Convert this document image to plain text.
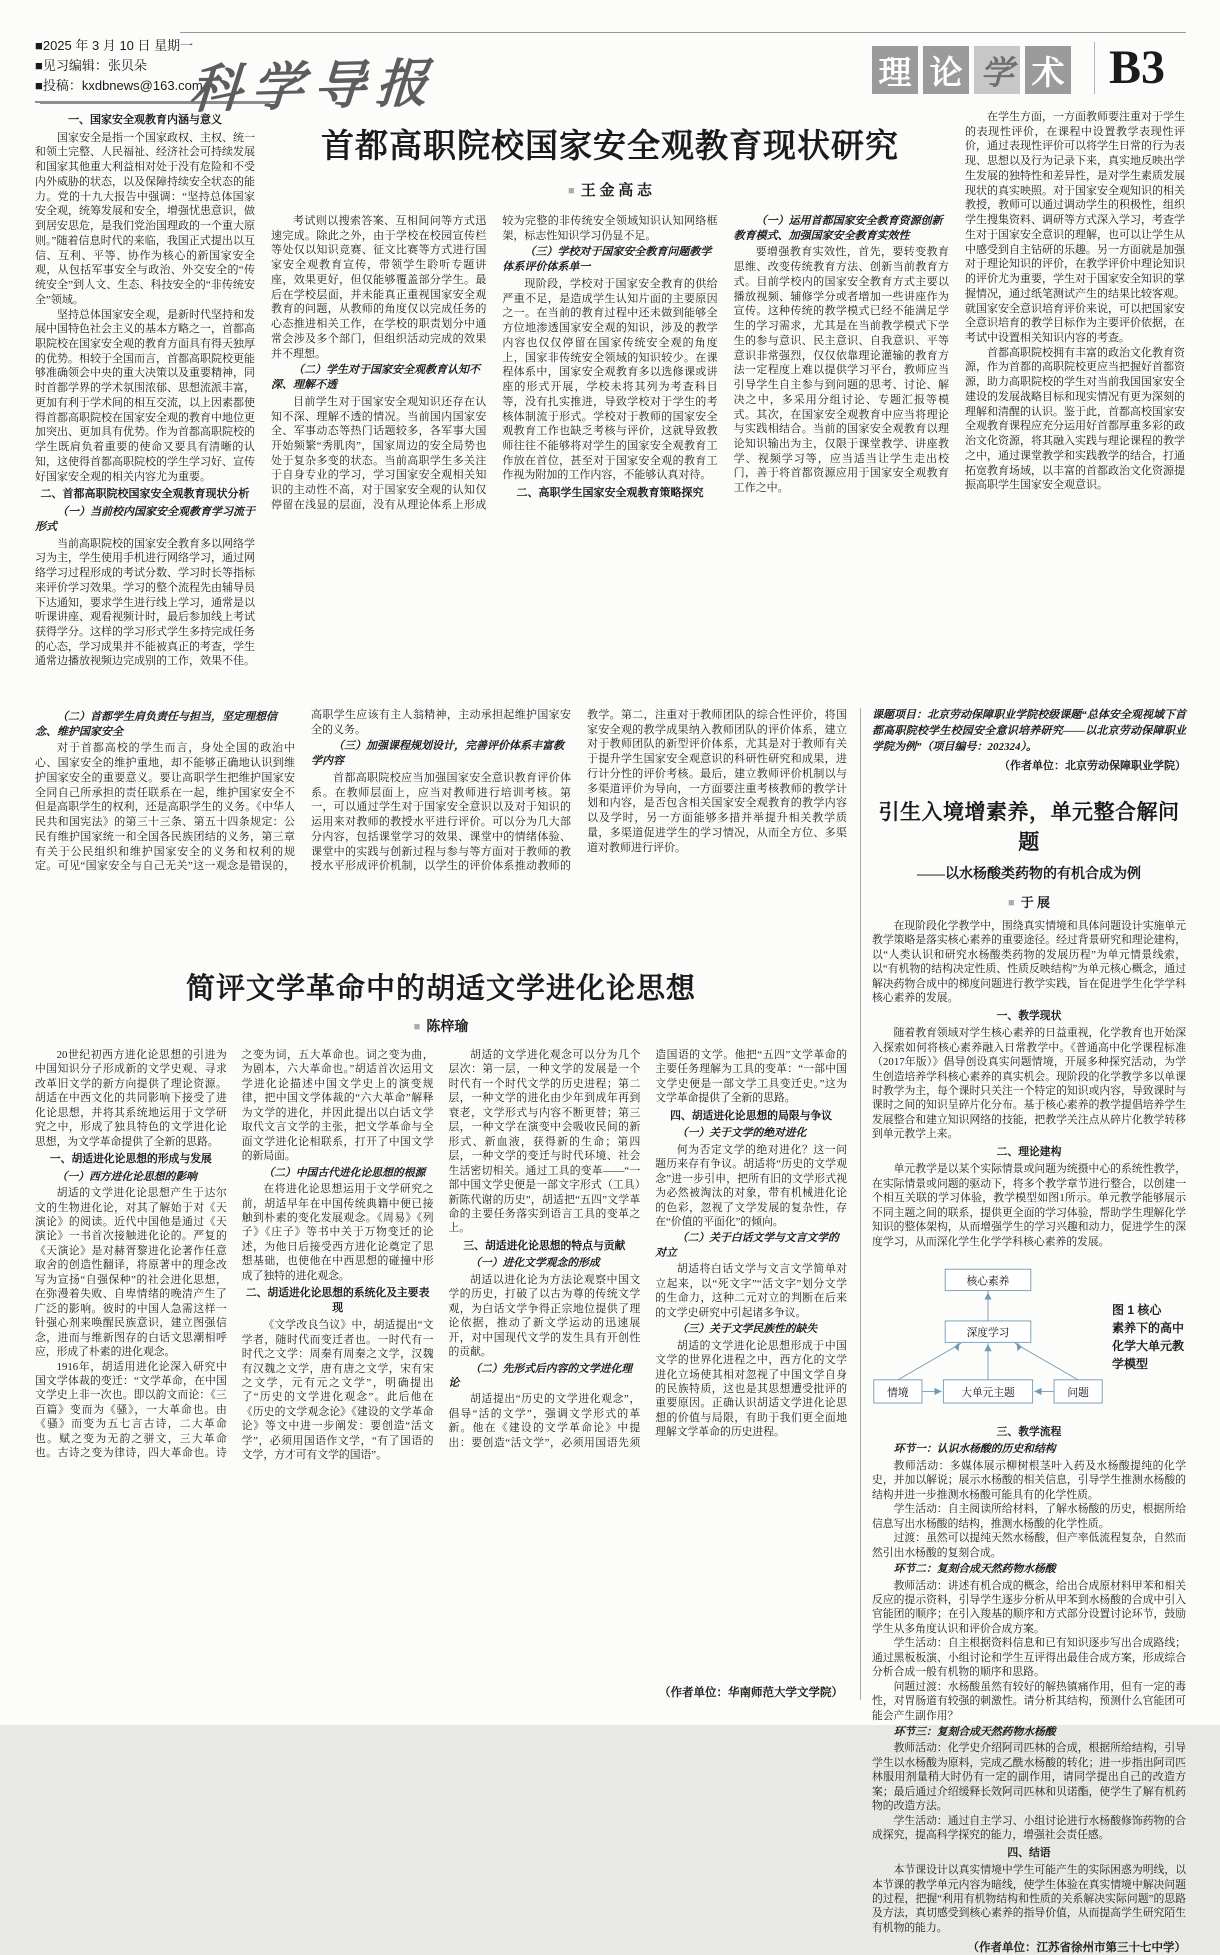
■2025 年 3 月 10 日 星期一
■见习编辑：张贝朵
■投稿：kxdbnews@163.com
科学导报	理 论 学 术 B3
一、国家安全观教育内涵与意义

国家安全是指一个国家政权、主权、统一和领土完整、人民福祉、经济社会可持续发展和国家其他重大利益相对处于没有危险和不受内外威胁的状态，以及保障持续安全状态的能力。党的十九大报告中强调：“坚持总体国家安全观，统筹发展和安全，增强忧患意识，做到居安思危，是我们党治国理政的一个重大原则。”随着信息时代的来临，我国正式提出以互信、互利、平等、协作为核心的新国家安全观，从包括军事安全与政治、外交安全的“传统安全”到人文、生态、科技安全的“非传统安全”领域。

坚持总体国家安全观，是新时代坚持和发展中国特色社会主义的基本方略之一，首都高职院校在国家安全观的教育方面具有得天独厚的优势。相较于全国而言，首都高职院校更能够准确领会中央的重大决策以及重要精神，同时首都学界的学术氛围浓郁、思想流派丰富，更加有利于学术间的相互交流，以上因素都使得首都高职院校在国家安全观的教育中地位更加突出、更加具有优势。作为首都高职院校的学生既肩负着重要的使命又要具有清晰的认知，这使得首都高职院校的学生学习好、宣传好国家安全观的相关内容尤为重要。

二、首都高职院校国家安全观教育现状分析
（一）当前校内国家安全观教育学习流于形式

当前高职院校的国家安全教育多以网络学习为主，学生使用手机进行网络学习，通过网络学习过程形成的考试分数、学习时长等指标来评价学习效果。学习的整个流程先由辅导员下达通知，要求学生进行线上学习，通常是以听课讲座、观看视频计时，最后参加线上考试获得学分。这样的学习形式学生多持完成任务的心态，学习成果并不能被真正的考查，学生通常边播放视频边完成别的工作，效果不佳。

首都高职院校国家安全观教育现状研究
■ 王 金 高 志

考试则以搜索答案、互相间问等方式迅速完成。除此之外，由于学校在校园宣传栏等处仅以知识竞赛、征文比赛等方式进行国家安全观教育宣传，带领学生聆听专题讲座，效果更好，但仅能够覆盖部分学生。最后在学校层面，并未能真正重视国家安全观教育的问题，从教师的角度仅以完成任务的心态推进相关工作，在学校的职责划分中通常会涉及多个部门，但组织活动完成的效果并不理想。

（二）学生对于国家安全观教育认知不深、理解不透

目前学生对于国家安全观知识还存在认知不深、理解不透的情况。当前国内国家安全、军事动态等热门话题较多，各军事大国开始频繁“秀肌肉”，国家周边的安全局势也处于复杂多变的状态。当前高职学生多关注于自身专业的学习，学习国家安全观相关知识的主动性不高，对于国家安全观的认知仅停留在浅显的层面，没有从理论体系上形成较为完整的非传统安全领域知识认知网络框架，标志性知识学习仍显不足。

（三）学校对于国家安全教育问题教学体系评价体系单一

现阶段，学校对于国家安全教育的供给严重不足，是造成学生认知片面的主要原因之一。在当前的教育过程中还未做到能够全方位地渗透国家安全观的知识，涉及的教学内容也仅仅停留在国家传统安全观的角度上，国家非传统安全领域的知识较少。在课程体系中，国家安全观教育多以选修课或讲座的形式开展，学校未将其列为考查科目等，没有扎实推进，导致学校对于学生的考核体制流于形式。学校对于教师的国家安全观教育工作也缺乏考核与评价，这就导致教师往往不能够将对学生的国家安全观教育工作放在首位，甚至对于国家安全观的教育工作视为附加的工作内容，不能够认真对待。

二、高职学生国家安全观教育策略探究
（一）运用首都国家安全教育资源创新教育模式、加强国家安全教育实效性

要增强教育实效性，首先，要转变教育思维、改变传统教育方法、创新当前教育方式。目前学校内的国家安全教育方式主要以播放视频、辅修学分或者增加一些讲座作为宣传。这种传统的教学模式已经不能满足学生的学习需求，尤其是在当前教学模式下学生的参与意识、民主意识、自我意识、平等意识非常强烈，仅仅依靠理论灌输的教育方法一定程度上难以提供学习平台，教师应当引导学生自主参与到问题的思考、讨论、解决之中，多采用分组讨论、专题汇报等模式。其次，在国家安全观教育中应当将理论与实践相结合。当前的国家安全观教育以理论知识输出为主，仅限于课堂教学、讲座教学、视频学习等，应当适当让学生走出校门，善于将首都资源应用于国家安全观教育工作之中。

在学生方面，一方面教师要注重对于学生的表现性评价，在课程中设置教学表现性评价，通过表现性评价可以将学生日常的行为表现、思想以及行为记录下来，真实地反映出学生发展的独特性和差异性，是对学生素质发展现状的真实映照。对于国家安全观知识的相关教授，教师可以通过调动学生的积极性，组织学生搜集资料、调研等方式深入学习，考查学生对于国家安全意识的理解，也可以让学生从中感受到自主钻研的乐趣。另一方面就是加强对于理论知识的评价，在教学评价中理论知识的评价尤为重要，学生对于国家安全知识的掌握情况，通过纸笔测试产生的结果比较客观。就国家安全意识培育评价来说，可以把国家安全意识培育的教学目标作为主要评价依据，在考试中设置相关知识内容的考查。

首都高职院校拥有丰富的政治文化教育资源，作为首都的高职院校更应当把握好首都资源，助力高职院校的学生对当前我国国家安全建设的发展战略目标和现实情况有更为深刻的理解和清醒的认识。鉴于此，首都高校国家安全观教育课程应充分运用好首都厚重多彩的政治文化资源，将其融入实践与理论课程的教学之中，通过课堂教学和实践教学的结合，打通拓宽教育场域，以丰富的首都政治文化资源提振高职学生国家安全观意识。

（二）首都学生肩负责任与担当，坚定理想信念、维护国家安全

对于首都高校的学生而言，身处全国的政治中心、国家安全的维护重地，却不能够正确地认识到维护国家安全的重要意义。要让高职学生把维护国家安全同自己所承担的责任联系在一起，维护国家安全不但是高职学生的权利，还是高职学生的义务。《中华人民共和国宪法》的第三十三条、第五十四条规定：公民有维护国家统一和全国各民族团结的义务，第三章有关于公民组织和维护国家安全的义务和权利的规定。可见“国家安全与自己无关”这一观念是错误的，高职学生应该有主人翁精神，主动承担起维护国家安全的义务。

（三）加强课程规划设计，完善评价体系丰富教学内容

首都高职院校应当加强国家安全意识教育评价体系。在教师层面上，应当对教师进行培训考核。第一，可以通过学生对于国家安全意识以及对于知识的运用来对教师的教授水平进行评价。可以分为几大部分内容，包括课堂学习的效果、课堂中的情绪体验、课堂中的实践与创新过程与参与等方面对于教师的教授水平形成评价机制，以学生的评价体系推动教师的教学。第二，注重对于教师团队的综合性评价，将国家安全观的教学成果纳入教师团队的评价体系，建立对于教师团队的新型评价体系，尤其是对于教师有关于提升学生国家安全观意识的科研性研究和成果，进行计分性的评价考核。最后，建立教师评价机制以与多渠道评价为导向，一方面要注重考核教师的教学计划和内容，是否包含相关国家安全观教育的教学内容以及学时，另一方面能够多措并举提升相关教学质量，多渠道促进学生的学习情况，从而全方位、多渠道对教师进行评价。

课题项目：北京劳动保障职业学院校级课题“总体安全观视域下首都高职院校学生校园安全意识培养研究——以北京劳动保障职业学院为例”（项目编号：202324）。
（作者单位：北京劳动保障职业学院）
简评文学革命中的胡适文学进化论思想
■ 陈梓瑜

20世纪初西方进化论思想的引进为中国知识分子形成新的文学史观、寻求改革旧文学的新方向提供了理论资源。胡适在中西文化的共同影响下接受了进化论思想，并将其系统地运用于文学研究之中，形成了独具特色的文学进化论思想，为文学革命提供了全新的思路。

一、胡适进化论思想的形成与发展
（一）西方进化论思想的影响

胡适的文学进化论思想产生于达尔文的生物进化论，对其了解始于对《天演论》的阅读。近代中国他是通过《天演论》一书首次接触进化论的。严复的《天演论》是对赫胥黎进化论著作任意取舍的创造性翻译，将原著中的理念改写为宣扬“自强保种”的社会进化思想，在弥漫着失败、自卑情绪的晚清产生了广泛的影响。彼时的中国人急需这样一针强心剂来唤醒民族意识，建立图强信念，进而与维新图存的白话文思潮相呼应，形成了朴素的进化观念。

1916年，胡适用进化论深入研究中国文学体裁的变迁：“文学革命，在中国文学史上非一次也。即以韵文而论：《三百篇》变而为《骚》，一大革命也。由《骚》而变为五七言古诗，二大革命也。赋之变为无韵之骈文，三大革命也。古诗之变为律诗，四大革命也。诗之变为词，五大革命也。词之变为曲，为剧本，六大革命也。”胡适首次运用文学进化论描述中国文学史上的演变规律，把中国文学体裁的“六大革命”解释为文学的进化，并因此提出以白话文学取代文言文学的主张，把文学革命与全面文学进化论相联系，打开了中国文学的新局面。

（二）中国古代进化论思想的根源

在将进化论思想运用于文学研究之前，胡适早年在中国传统典籍中便已接触到朴素的变化发展观念。《周易》《列子》《庄子》等书中关于万物变迁的论述，为他日后接受西方进化论奠定了思想基础，也使他在中西思想的碰撞中形成了独特的进化观念。

二、胡适进化论思想的系统化及主要表现

《文学改良刍议》中，胡适提出“文学者，随时代而变迁者也。一时代有一时代之文学：周秦有周秦之文学，汉魏有汉魏之文学，唐有唐之文学，宋有宋之文学，元有元之文学”，明确提出了“历史的文学进化观念”。此后他在《历史的文学观念论》《建设的文学革命论》等文中进一步阐发：要创造“活文学”，必须用国语作文学，“有了国语的文学，方才可有文学的国语”。

胡适的文学进化观念可以分为几个层次：第一层，一种文学的发展是一个时代有一个时代文学的历史进程；第二层，一种文学的进化由少年到成年再到衰老，文学形式与内容不断更替；第三层，一种文学在演变中会吸收民间的新形式、新血液，获得新的生命；第四层，一种文学的变迁与时代环境、社会生活密切相关。通过工具的变革——“一部中国文学史便是一部文字形式（工具）新陈代谢的历史”，胡适把“五四”文学革命的主要任务落实到语言工具的变革之上。

三、胡适进化论思想的特点与贡献
（一）进化文学观念的形成

胡适以进化论为方法论观察中国文学的历史，打破了以古为尊的传统文学观，为白话文学争得正宗地位提供了理论依据，推动了新文学运动的迅速展开，对中国现代文学的发生具有开创性的贡献。

（二）先形式后内容的文学进化理论

胡适提出“历史的文学进化观念”，倡导“活的文学”，强调文学形式的革新。他在《建设的文学革命论》中提出：要创造“活文学”，必须用国语先须造国语的文学。他把“五四”文学革命的主要任务理解为工具的变革：“一部中国文学史便是一部文学工具变迁史。”这为文学革命提供了全新的思路。

四、胡适进化论思想的局限与争议
（一）关于文学的绝对进化

何为否定文学的绝对进化？这一问题历来存有争议。胡适将“历史的文学观念”进一步引申，把所有旧的文学形式视为必然被淘汰的对象，带有机械进化论的色彩，忽视了文学发展的复杂性，存在“价值的平面化”的倾向。

（二）关于白话文学与文言文学的对立

胡适将白话文学与文言文学简单对立起来，以“死文字”“活文字”划分文学的生命力，这种二元对立的判断在后来的文学史研究中引起诸多争议。

（三）关于文学民族性的缺失

胡适的文学进化论思想形成于中国文学的世界化进程之中，西方化的文学进化立场使其相对忽视了中国文学自身的民族特质，这也是其思想遭受批评的重要原因。正确认识胡适文学进化论思想的价值与局限，有助于我们更全面地理解文学革命的历史进程。

（作者单位：华南师范大学文学院）
引生入境增素养，单元整合解问题
——以水杨酸类药物的有机合成为例
■ 于 展

在现阶段化学教学中，围绕真实情境和具体问题设计实施单元教学策略是落实核心素养的重要途径。经过背景研究和理论建构，以“人类认识和研究水杨酸类药物的发展历程”为单元情景线索，以“有机物的结构决定性质、性质反映结构”为单元核心概念，通过解决药物合成中的梯度问题进行教学实践，旨在促进学生化学学科核心素养的发展。

一、教学现状

随着教育领域对学生核心素养的日益重视，化学教育也开始深入探索如何将核心素养融入日常教学中。《普通高中化学课程标准（2017年版）》倡导创设真实问题情境，开展多种探究活动，为学生创造培养学科核心素养的真实机会。现阶段的化学教学多以单课时教学为主，每个课时只关注一个特定的知识或内容，导致课时与课时之间的知识呈碎片化分布。基于核心素养的教学提倡培养学生发展整合和建立知识网络的技能，把教学关注点从碎片化教学转移到单元教学上来。

二、理论建构

单元教学是以某个实际情景或问题为统摄中心的系统性教学，在实际情景或问题的驱动下，将多个教学章节进行整合，以创建一个相互关联的学习体验，教学模型如图1所示。单元教学能够展示不同主题之间的联系，提供更全面的学习体验，帮助学生理解化学知识的整体架构，从而增强学生的学习兴趣和动力，促进学生的深度学习，从而深化学生化学学科核心素养的发展。

核心素养
深度学习
情境	大单元主题	问题
图 1 核心
素养下的高中
化学大单元教
学模型
三、教学流程
环节一：认识水杨酸的历史和结构

教师活动：多媒体展示柳树根茎叶入药及水杨酸提纯的化学史，并加以解说；展示水杨酸的相关信息，引导学生推测水杨酸的结构并进一步推测水杨酸可能具有的化学性质。

学生活动：自主阅读所给材料，了解水杨酸的历史，根据所给信息写出水杨酸的结构，推测水杨酸的化学性质。

过渡：虽然可以提纯天然水杨酸，但产率低流程复杂，自然而然引出水杨酸的复刻合成。

环节二：复刻合成天然药物水杨酸

教师活动：讲述有机合成的概念，给出合成原材料甲苯和相关反应的提示资料，引导学生逐步分析从甲苯到水杨酸的合成中引入官能团的顺序；在引入羧基的顺序和方式部分设置讨论环节，鼓励学生从多角度认识和评价合成方案。

学生活动：自主根据资料信息和已有知识逐步写出合成路线；通过黑板板演、小组讨论和学生互评得出最佳合成方案，形成综合分析合成一般有机物的顺序和思路。

问题过渡：水杨酸虽然有较好的解热镇痛作用，但有一定的毒性，对胃肠道有较强的刺激性。请分析其结构，预测什么官能团可能会产生副作用？

环节三：复刻合成天然药物水杨酸

教师活动：化学史介绍阿司匹林的合成，根据所给结构，引导学生以水杨酸为原料，完成乙酰水杨酸的转化；进一步指出阿司匹林服用剂量稍大时仍有一定的副作用，请同学提出自己的改造方案；最后通过介绍缓释长效阿司匹林和贝诺酯，使学生了解有机药物的改造方法。

学生活动：通过自主学习、小组讨论进行水杨酸修饰药物的合成探究，提高科学探究的能力，增强社会责任感。

四、结语

本节课设计以真实情境中学生可能产生的实际困惑为明线，以本节课的教学单元内容为暗线，使学生体验在真实情境中解决问题的过程，把握“利用有机物结构和性质的关系解决实际问题”的思路及方法，真切感受到核心素养的指导价值，从而提高学生研究陌生有机物的能力。

（作者单位：江苏省徐州市第三十七中学）
